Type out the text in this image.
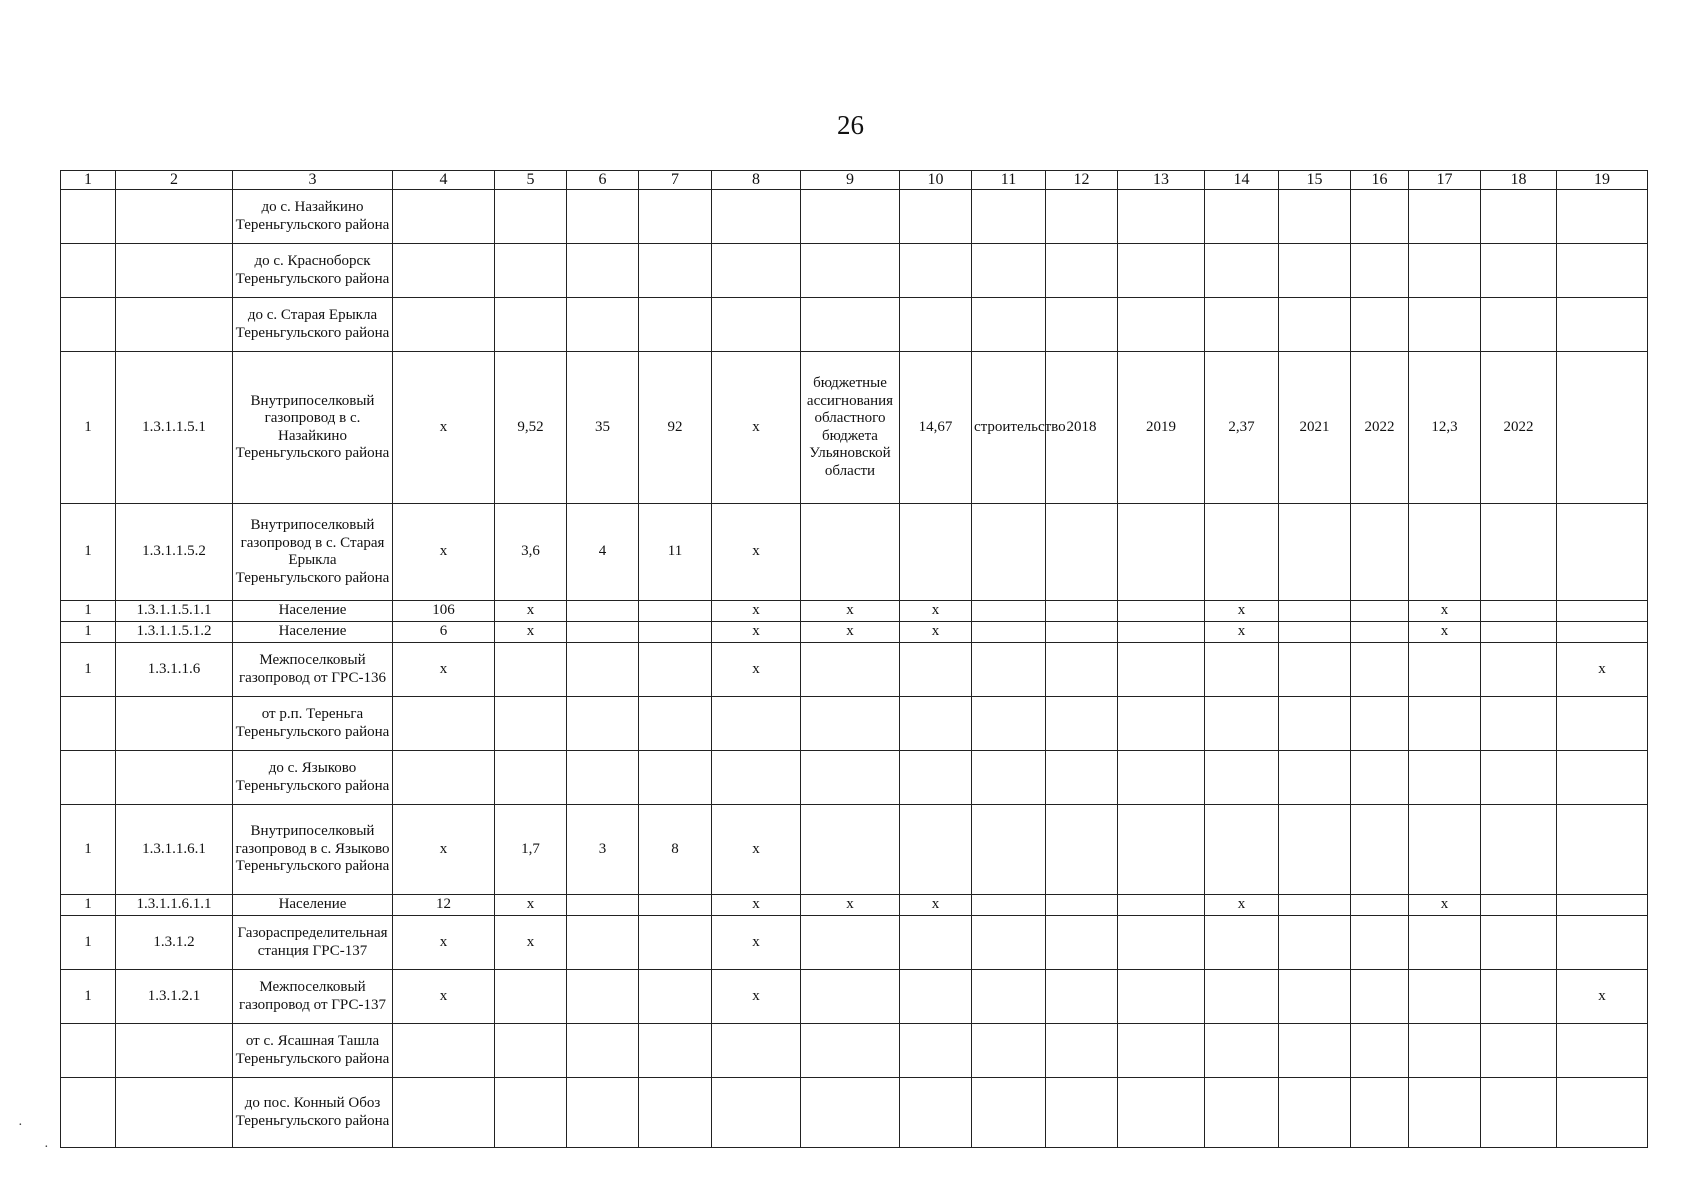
26
1	2	3	4	5	6	7	8	9	10	11	12	13	14	15	16	17	18	19
		до с. Назайкино Тереньгульского района																
		до с. Красноборск Тереньгульского района																
		до с. Старая Ерыкла Тереньгульского района																
1	1.3.1.1.5.1	Внутрипоселковый газопровод в с. Назайкино Тереньгульского района	х	9,52	35	92	х	бюджетные ассигнования областного бюджета Ульяновской области	14,67	строительство	2018	2019	2,37	2021	2022	12,3	2022	
1	1.3.1.1.5.2	Внутрипоселковый газопровод в с. Старая Ерыкла Тереньгульского района	х	3,6	4	11	х											
1	1.3.1.1.5.1.1	Население	106	х			х	х	х				х			х		
1	1.3.1.1.5.1.2	Население	6	х			х	х	х				х			х		
1	1.3.1.1.6	Межпоселковый газопровод от ГРС-136	х				х											х
		от р.п. Тереньга Тереньгульского района																
		до с. Языково Тереньгульского района																
1	1.3.1.1.6.1	Внутрипоселковый газопровод в с. Языково Тереньгульского района	х	1,7	3	8	х											
1	1.3.1.1.6.1.1	Население	12	х			х	х	х				х			х		
1	1.3.1.2	Газораспределительная станция ГРС-137	х	х			х											
1	1.3.1.2.1	Межпоселковый газопровод от ГРС-137	х				х											х
		от с. Ясашная Ташла Тереньгульского района																
		до пос. Конный Обоз Тереньгульского района																
·
·
